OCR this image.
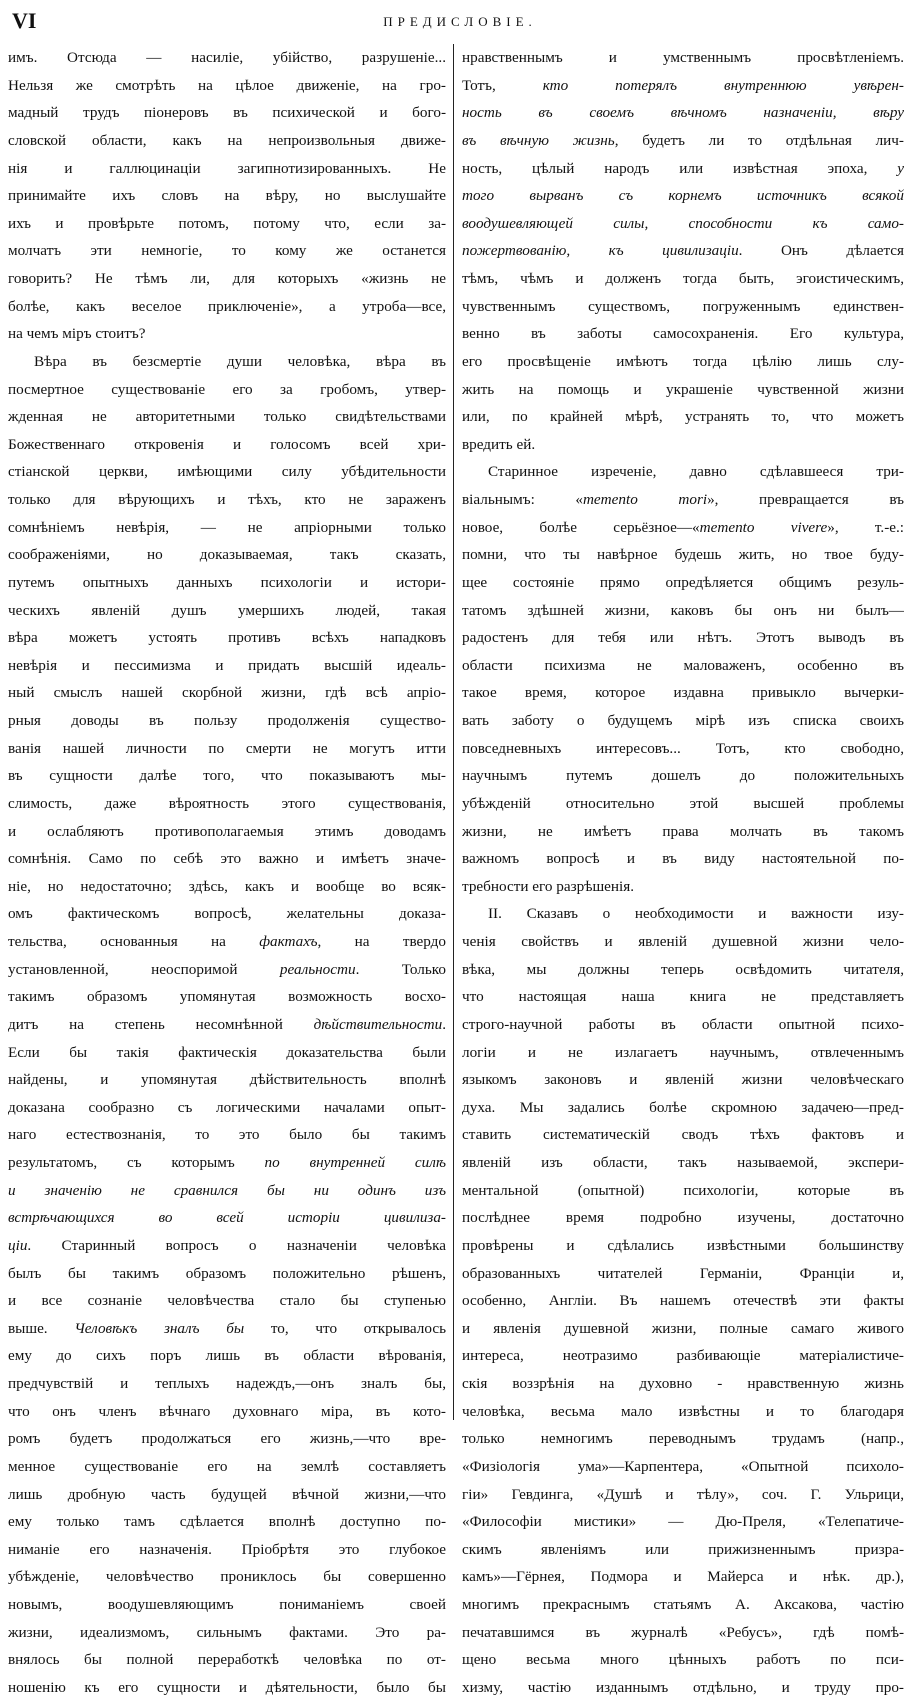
VI	ПРЕДИСЛОВІЕ.
имъ. Отсюда — насиліе, убійство, разрушеніе...
Нельзя же смотрѣть на цѣлое движеніе, на гро-
мадный трудъ піонеровъ въ психической и бого-
словской области, какъ на непроизвольныя движе-
нія и галлюцинаціи загипнотизированныхъ. Не
принимайте ихъ словъ на вѣру, но выслушайте
ихъ и провѣрьте потомъ, потому что, если за-
молчатъ эти немногіе, то кому же останется
говорить? Не тѣмъ ли, для которыхъ «жизнь не
болѣе, какъ веселое приключеніе», а утроба—все,
на чемъ міръ стоитъ?
Вѣра въ безсмертіе души человѣка, вѣра въ
посмертное существованіе его за гробомъ, утвер-
жденная не авторитетными только свидѣтельствами
Божественнаго откровенія и голосомъ всей хри-
стіанской церкви, имѣющими силу убѣдительности
только для вѣрующихъ и тѣхъ, кто не зараженъ
сомнѣніемъ невѣрія, — не апріорными только
соображеніями, но доказываемая, такъ сказать,
путемъ опытныхъ данныхъ психологіи и истори-
ческихъ явленій душъ умершихъ людей, такая
вѣра можетъ устоять противъ всѣхъ нападковъ
невѣрія и пессимизма и придать высшій идеаль-
ный смыслъ нашей скорбной жизни, гдѣ всѣ апріо-
рныя доводы въ пользу продолженія существо-
ванія нашей личности по смерти не могутъ итти
въ сущности далѣе того, что показываютъ мы-
слимость, даже вѣроятность этого существованія,
и ослабляютъ противополагаемыя этимъ доводамъ
сомнѣнія. Само по себѣ это важно и имѣетъ значе-
ніе, но недостаточно; здѣсь, какъ и вообще во всяк-
омъ фактическомъ вопросѣ, желательны доказа-
тельства, основанныя на фактахъ, на твердо
установленной, неоспоримой реальности. Только
такимъ образомъ упомянутая возможность восхо-
дитъ на степень несомнѣнной дѣйствительности.
Если бы такія фактическія доказательства были
найдены, и упомянутая дѣйствительность вполнѣ
доказана сообразно съ логическими началами опыт-
наго естествознанія, то это было бы такимъ
результатомъ, съ которымъ по внутренней силѣ
и значенію не сравнился бы ни одинъ изъ
встрѣчающихся во всей исторіи цивилиза-
ціи. Старинный вопросъ о назначеніи человѣка
былъ бы такимъ образомъ положительно рѣшенъ,
и все сознаніе человѣчества стало бы ступенью
выше. Человѣкъ зналъ бы то, что открывалось
ему до сихъ поръ лишь въ области вѣрованія,
предчувствій и теплыхъ надеждъ,—онъ зналъ бы,
что онъ членъ вѣчнаго духовнаго міра, въ кото-
ромъ будетъ продолжаться его жизнь,—что вре-
менное существованіе его на землѣ составляетъ
лишь дробную часть будущей вѣчной жизни,—что
ему только тамъ сдѣлается вполнѣ доступно по-
ниманіе его назначенія. Пріобрѣтя это глубокое
убѣжденіе, человѣчество прониклось бы совершенно
новымъ, воодушевляющимъ пониманіемъ своей
жизни, идеализмомъ, сильнымъ фактами. Это ра-
внялось бы полной переработкѣ человѣка по от-
ношенію къ его сущности и дѣятельности, было бы
нравственнымъ и умственнымъ просвѣтленіемъ.
Тотъ, кто потерялъ внутреннюю увѣрен-
ность въ своемъ вѣчномъ назначеніи, вѣру
въ вѣчную жизнь, будетъ ли то отдѣльная лич-
ность, цѣлый народъ или извѣстная эпоха, у
того вырванъ съ корнемъ источникъ всякой
воодушевляющей силы, способности къ само-
пожертвованію, къ цивилизаціи. Онъ дѣлается
тѣмъ, чѣмъ и долженъ тогда быть, эгоистическимъ,
чувственнымъ существомъ, погруженнымъ единствен-
венно въ заботы самосохраненія. Его культура,
его просвѣщеніе имѣютъ тогда цѣлію лишь слу-
жить на помощь и украшеніе чувственной жизни
или, по крайней мѣрѣ, устранять то, что можетъ
вредить ей.
Старинное изреченіе, давно сдѣлавшееся три-
віальнымъ: «memento mori», превращается въ
новое, болѣе серьёзное—«memento vivere», т.-е.:
помни, что ты навѣрное будешь жить, но твое буду-
щее состояніе прямо опредѣляется общимъ резуль-
татомъ здѣшней жизни, каковъ бы онъ ни былъ—
радостенъ для тебя или нѣтъ. Этотъ выводъ въ
области психизма не маловаженъ, особенно въ
такое время, которое издавна привыкло вычерки-
вать заботу о будущемъ мірѣ изъ списка своихъ
повседневныхъ интересовъ... Тотъ, кто свободно,
научнымъ путемъ дошелъ до положительныхъ
убѣжденій относительно этой высшей проблемы
жизни, не имѣетъ права молчать въ такомъ
важномъ вопросѣ и въ виду настоятельной по-
требности его разрѣшенія.
II. Сказавъ о необходимости и важности изу-
ченія свойствъ и явленій душевной жизни чело-
вѣка, мы должны теперь освѣдомить читателя,
что настоящая наша книга не представляетъ
строго-научной работы въ области опытной психо-
логіи и не излагаетъ научнымъ, отвлеченнымъ
языкомъ законовъ и явленій жизни человѣческаго
духа. Мы задались болѣе скромною задачею—пред-
ставить систематическій сводъ тѣхъ фактовъ и
явленій изъ области, такъ называемой, экспери-
ментальной (опытной) психологіи, которые въ
послѣднее время подробно изучены, достаточно
провѣрены и сдѣлались извѣстными большинству
образованныхъ читателей Германіи, Франціи и,
особенно, Англіи. Въ нашемъ отечествѣ эти факты
и явленія душевной жизни, полные самаго живого
интереса, неотразимо разбивающіе матеріалистиче-
скія воззрѣнія на духовно - нравственную жизнь
человѣка, весьма мало извѣстны и то благодаря
только немногимъ переводнымъ трудамъ (напр.,
«Физіологія ума»—Карпентера, «Опытной психоло-
гіи» Гевдинга, «Душѣ и тѣлу», соч. Г. Ульрици,
«Философіи мистики» — Дю-Преля, «Телепатиче-
скимъ явленіямъ или прижизненнымъ призра-
камъ»—Гёрнея, Подмора и Майерса и нѣк. др.),
многимъ прекраснымъ статьямъ А. Аксакова, частію
печатавшимся въ журналѣ «Ребусъ», гдѣ помѣ-
щено весьма много цѣнныхъ работъ по пси-
хизму, частію изданнымъ отдѣльно, и труду про-
